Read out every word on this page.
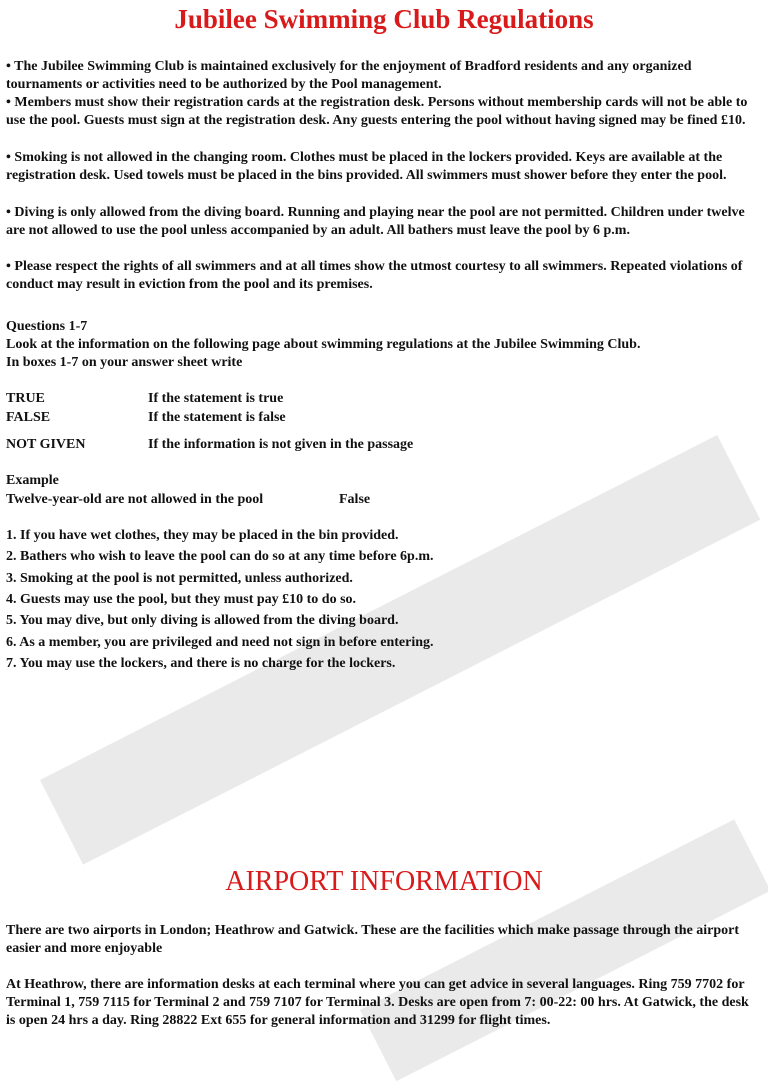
Jubilee Swimming Club Regulations

• The Jubilee Swimming Club is maintained exclusively for the enjoyment of Bradford residents and any organized tournaments or activities need to be authorized by the Pool management.

• Members must show their registration cards at the registration desk. Persons without membership cards will not be able to use the pool. Guests must sign at the registration desk. Any guests entering the pool without having signed may be fined £10.

• Smoking is not allowed in the changing room. Clothes must be placed in the lockers provided. Keys are available at the registration desk. Used towels must be placed in the bins provided. All swimmers must shower before they enter the pool.

• Diving is only allowed from the diving board. Running and playing near the pool are not permitted. Children under twelve are not allowed to use the pool unless accompanied by an adult. All bathers must leave the pool by 6 p.m.

• Please respect the rights of all swimmers and at all times show the utmost courtesy to all swimmers. Repeated violations of conduct may result in eviction from the pool and its premises.

Questions 1-7

Look at the information on the following page about swimming regulations at the Jubilee Swimming Club.

In boxes 1-7 on your answer sheet write

TRUE	If the statement is true
FALSE	If the statement is false
NOT GIVEN	If the information is not given in the passage

Example

Twelve-year-old are not allowed in the pool	False

1. If you have wet clothes, they may be placed in the bin provided.

2. Bathers who wish to leave the pool can do so at any time before 6p.m.

3. Smoking at the pool is not permitted, unless authorized.

4. Guests may use the pool, but they must pay £10 to do so.

5. You may dive, but only diving is allowed from the diving board.

6. As a member, you are privileged and need not sign in before entering.

7. You may use the lockers, and there is no charge for the lockers.

AIRPORT INFORMATION

There are two airports in London; Heathrow and Gatwick. These are the facilities which make passage through the airport easier and more enjoyable

At Heathrow, there are information desks at each terminal where you can get advice in several languages. Ring 759 7702 for Terminal 1, 759 7115 for Terminal 2 and 759 7107 for Terminal 3. Desks are open from 7: 00-22: 00 hrs. At Gatwick, the desk is open 24 hrs a day. Ring 28822 Ext 655 for general information and 31299 for flight times.
